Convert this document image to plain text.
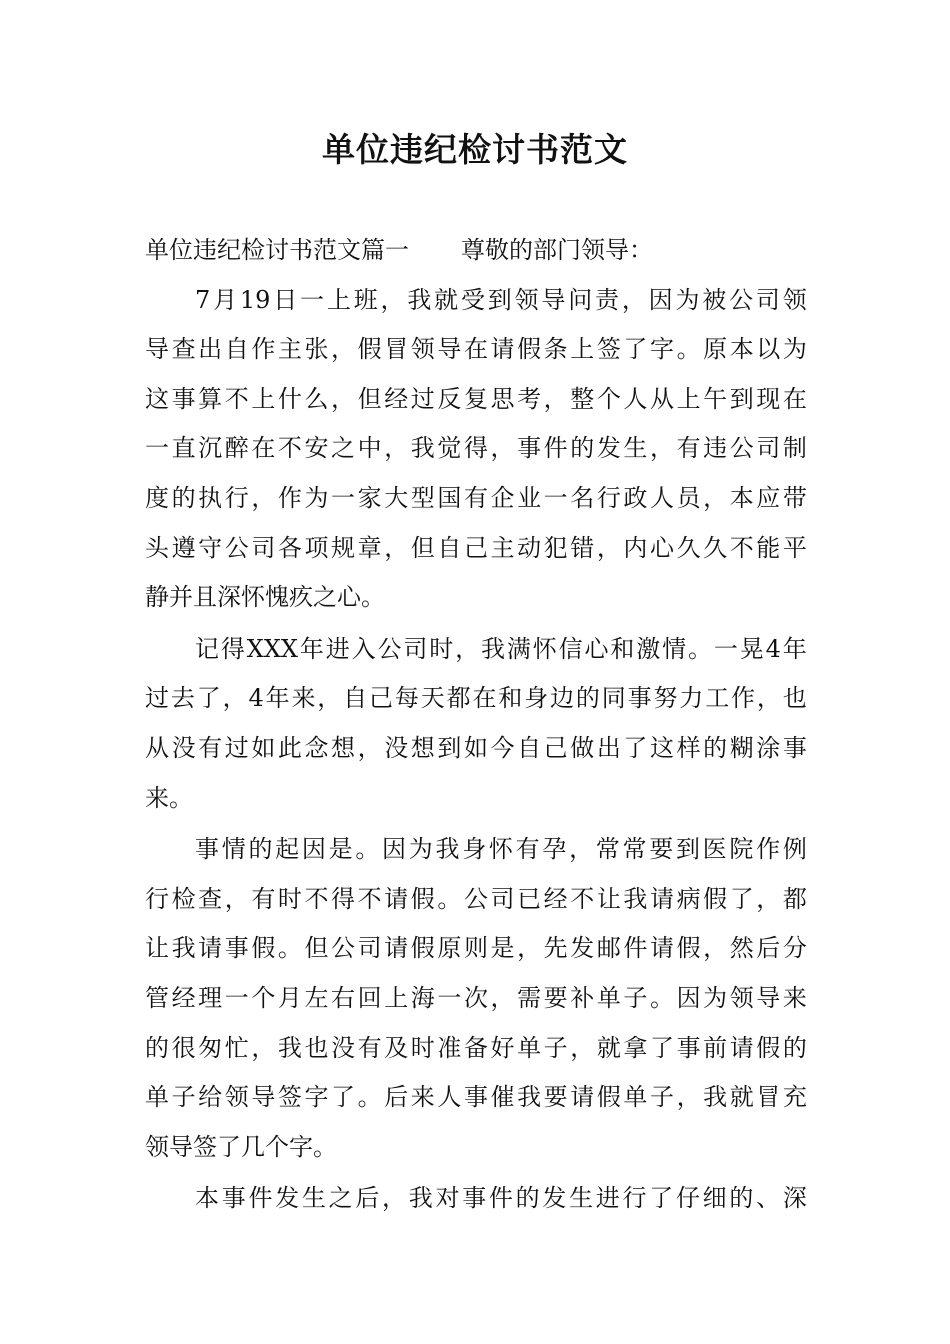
单位违纪检讨书范文
单位违纪检讨书范文篇一 尊敬的部门领导：
7 月 19 日 一 上 班 ， 我 就 受 到 领 导 问 责 ， 因 为 被 公 司 领
导 查 出 自 作 主 张 ， 假 冒 领 导 在 请 假 条 上 签 了 字 。 原 本 以 为
这 事 算 不 上 什 么 ， 但 经 过 反 复 思 考 ， 整 个 人 从 上 午 到 现 在
一 直 沉 醉 在 不 安 之 中 ， 我 觉 得 ， 事 件 的 发 生 ， 有 违 公 司 制
度 的 执 行 ， 作 为 一 家 大 型 国 有 企 业 一 名 行 政 人 员 ， 本 应 带
头 遵 守 公 司 各 项 规 章 ， 但 自 己 主 动 犯 错 ， 内 心 久 久 不 能 平
静并且深怀愧疚之心。
记 得 XXX 年 进 入 公 司 时 ， 我 满 怀 信 心 和 激 情 。 一 晃 4 年
过 去 了 ， 4 年 来 ， 自 己 每 天 都 在 和 身 边 的 同 事 努 力 工 作 ， 也
从 没 有 过 如 此 念 想 ， 没 想 到 如 今 自 己 做 出 了 这 样 的 糊 涂 事
来。
事 情 的 起 因 是 。 因 为 我 身 怀 有 孕 ， 常 常 要 到 医 院 作 例
行 检 查 ， 有 时 不 得 不 请 假 。 公 司 已 经 不 让 我 请 病 假 了 ， 都
让 我 请 事 假 。 但 公 司 请 假 原 则 是 ， 先 发 邮 件 请 假 ， 然 后 分
管 经 理 一 个 月 左 右 回 上 海 一 次 ， 需 要 补 单 子 。 因 为 领 导 来
的 很 匆 忙 ， 我 也 没 有 及 时 准 备 好 单 子 ， 就 拿 了 事 前 请 假 的
单 子 给 领 导 签 字 了 。 后 来 人 事 催 我 要 请 假 单 子 ， 我 就 冒 充
领导签了几个字。
本 事 件 发 生 之 后 ， 我 对 事 件 的 发 生 进 行 了 仔 细 的 、 深
